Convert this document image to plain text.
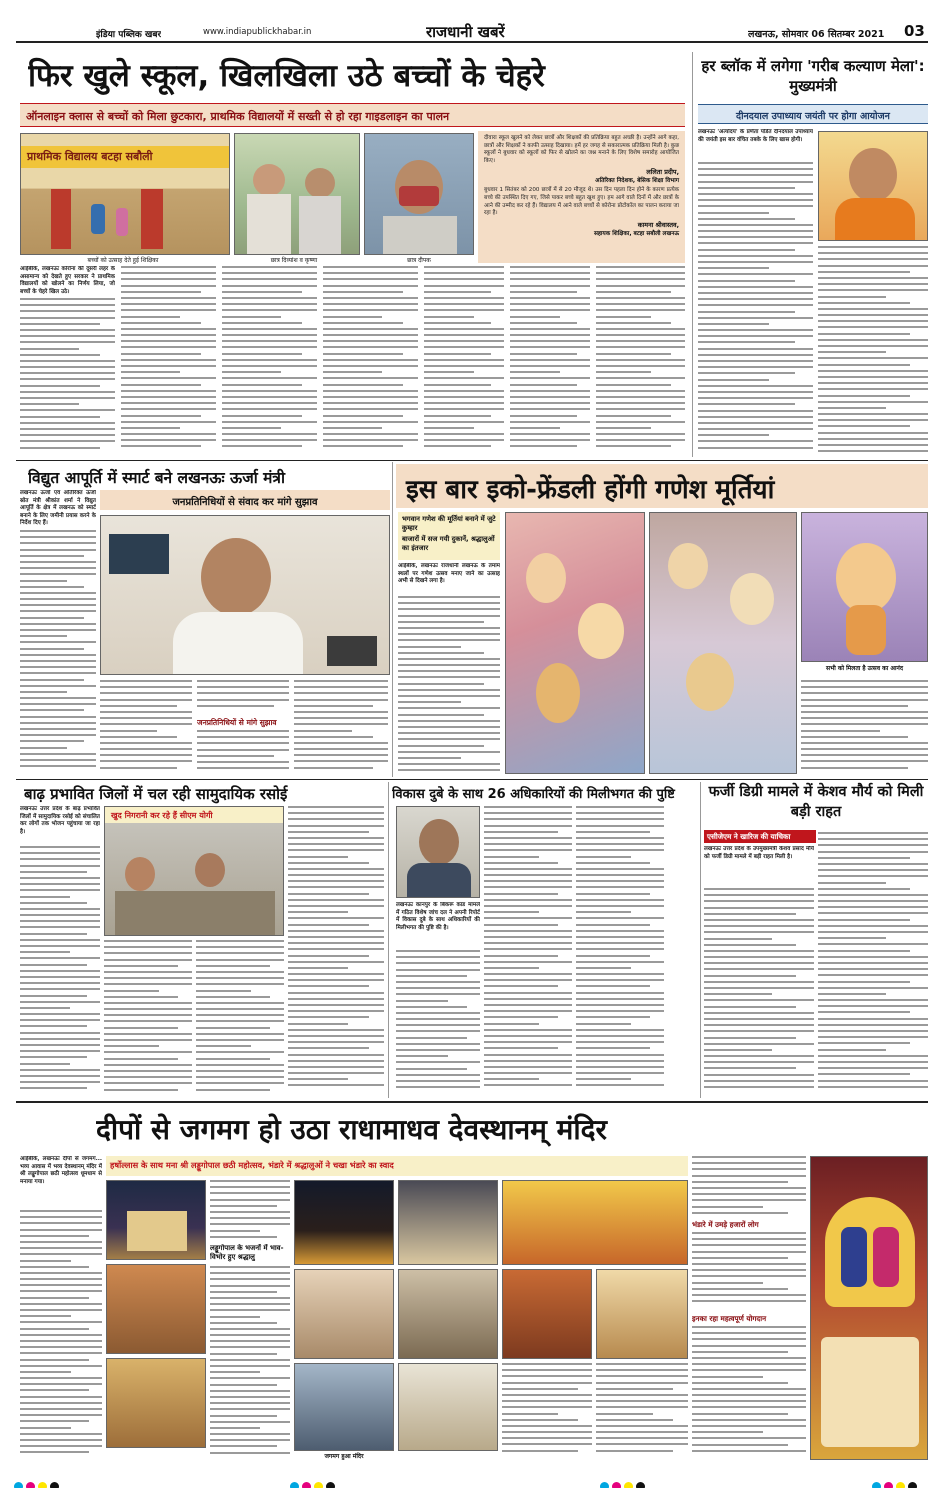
इंडिया पब्लिक खबर	www.indiapublickhabar.in	राजधानी खबरें	लखनऊ, सोमवार 06 सितम्बर 2021 03
फिर खुले स्कूल, खिलखिला उठे बच्चों के चेहरे
ऑनलाइन क्लास से बच्चों को मिला छुटकारा, प्राथमिक विद्यालयों में सख्ती से हो रहा गाइडलाइन का पालन
प्राथमिक विद्यालय बटहा सबौली
बच्चों को उत्साह देते हुई शिक्षिका	छात्र दिव्यांश व कृष्णा	छात्र दीपक
दीवारा स्कूल खुलने को लेकर छात्रों और शिक्षकों की प्रतिक्रिया बहुत अच्छी है। उन्होंने आगे कहा, छात्रों और शिक्षकों ने काफी उत्साह दिखाया। हमें हर जगह से सकारात्मक प्रतिक्रिया मिली है। कुछ स्कूलों ने बुधवार को स्कूलों को फिर से खोलने का जश्न मनाने के लिए विशेष समारोह आयोजित किए।
ललिता प्रदीप,
अतिरिक्त निदेशक, बेसिक शिक्षा विभाग
बुधवार 1 सितंबर को 200 छात्रों में से 20 मौजूद थे। उस दिन पहला दिन होने के कारण प्रत्येक बच्चे की उपस्थित दिए गए, जिसे पाकर बच्चे बहुत खुश हुए। हम आगे वाले दिनों में और छात्रों के आने की उम्मीद कर रहे हैं। विद्यालय में आने वाले बच्चों से कोरोना प्रोटोकॉल का पालन कराया जा रहा है।
कामना श्रीवास्तव,
सहायक शिक्षिका, बटहा सबौली लखनऊ
आईबीके, लखनऊः कोरोना की दूसरी लहर के असामान्य को देखते हुए सरकार ने प्राथमिक विद्यालयों को खोलने का निर्णय लिया, जो बच्चों के चेहरे खिल उठे।
हर ब्लॉक में लगेगा 'गरीब कल्याण मेला': मुख्यमंत्री
दीनदयाल उपाध्याय जयंती पर होगा आयोजन
लखनऊः 'अंत्योदय' के प्रणेता पंडित दीनदयाल उपाध्याय की जयंती इस बार वंचित तबके के लिए खास होगी।
विद्युत आपूर्ति में स्मार्ट बने लखनऊः ऊर्जा मंत्री
जनप्रतिनिधियों से संवाद कर मांगे सुझाव
लखनऊः ऊर्जा एवं अतिरिक्त ऊर्जा स्रोत मंत्री श्रीकांत शर्मा ने विद्युत आपूर्ति के क्षेत्र में लखनऊ को स्मार्ट बनाने के लिए जमीनी प्रयास करने के निर्देश दिए हैं।
जनप्रतिनिधियों से मांगे सुझाव
इस बार इको-फ्रेंडली होंगी गणेश मूर्तियां
भगवान गणेश की मूर्तियां बनाने में जुटे कुम्हार
बाजारों में सज गयी दुकानें, श्रद्धालुओं का इंतजार
आईबीके, लखनऊः राजधानी लखनऊ के तमाम स्थलों पर गणेश उत्सव मनाए जाने का उत्साह अभी से दिखने लगा है।
सभी को मिलता है उत्सव का आनंद
बाढ़ प्रभावित जिलों में चल रही सामुदायिक रसोई
लखनऊः उत्तर प्रदेश के बाढ़ प्रभावित जिलों में सामुदायिक रसोई को संचालित कर लोगों तक भोजन पहुंचाया जा रहा है।
खुद निगरानी कर रहे हैं सीएम योगी
विकास दुबे के साथ 26 अधिकारियों की मिलीभगत की पुष्टि
लखनऊः कानपुर के बिकरू कांड मामले में गठित विशेष जांच दल ने अपनी रिपोर्ट में विकास दुबे के साथ अधिकारियों की मिलीभगत की पुष्टि की है।
फर्जी डिग्री मामले में केशव मौर्य को मिली बड़ी राहत
एसीजेएम ने खारिज की याचिका
लखनऊः उत्तर प्रदेश के उपमुख्यमंत्री केशव प्रसाद मौर्य को फर्जी डिग्री मामले में बड़ी राहत मिली है।
दीपों से जगमग हो उठा राधामाधव देवस्थानम् मंदिर
हर्षोल्लास के साथ मना श्री लड्डूगोपाल छठी महोत्सव, भंडारे में श्रद्धालुओं ने चखा भंडारे का स्वाद
आईबीके, लखनऊः दीपों से जगमग... भव्य आवास में भव्य देवस्थानम् मंदिर में श्री लड्डूगोपाल छठी महोत्सव धूमधाम से मनाया गया।
लड्डूगोपाल के भजनों में भाव-विभोर हुए श्रद्धालु
जगमग हुआ मंदिर
भंडारे में उमड़े हजारों लोग
इनका रहा महत्वपूर्ण योगदान
